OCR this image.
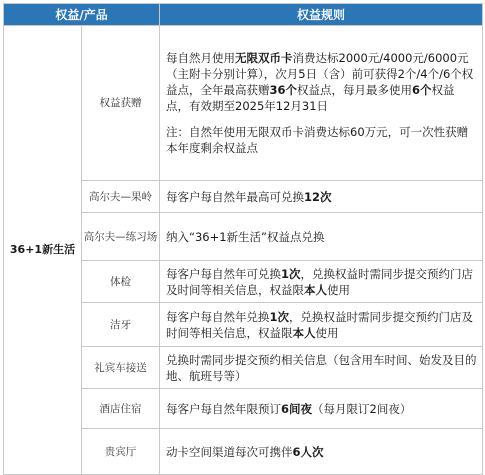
权益/产品		权益规则
36+1新生活	权益获赠	每自然月使用无限双币卡消费达标2000元/4000元/6000元（主附卡分别计算），次月5日（含）前可获得2个/4个/6个权益点，全年最高获赠36个权益点，每月最多使用6个权益点，有效期至2025年12月31日

注：自然年使用无限双币卡消费达标60万元，可一次性获赠本年度剩余权益点

	高尔夫—果岭	每客户每自然年最高可兑换12次

	高尔夫—练习场	纳入“36+1新生活”权益点兑换

	体检	每客户每自然年可兑换1次，兑换权益时需同步提交预约门店及时间等相关信息，权益限本人使用

	洁牙	每客户每自然年兑换1次，兑换权益时需同步提交预约门店及时间等相关信息，权益限本人使用

	礼宾车接送	兑换时需同步提交预约相关信息（包含用车时间、始发及目的地、航班号等）

	酒店住宿	每客户每自然年限预订6间夜（每月限订2间夜）

	贵宾厅	动卡空间渠道每次可携伴6人次
